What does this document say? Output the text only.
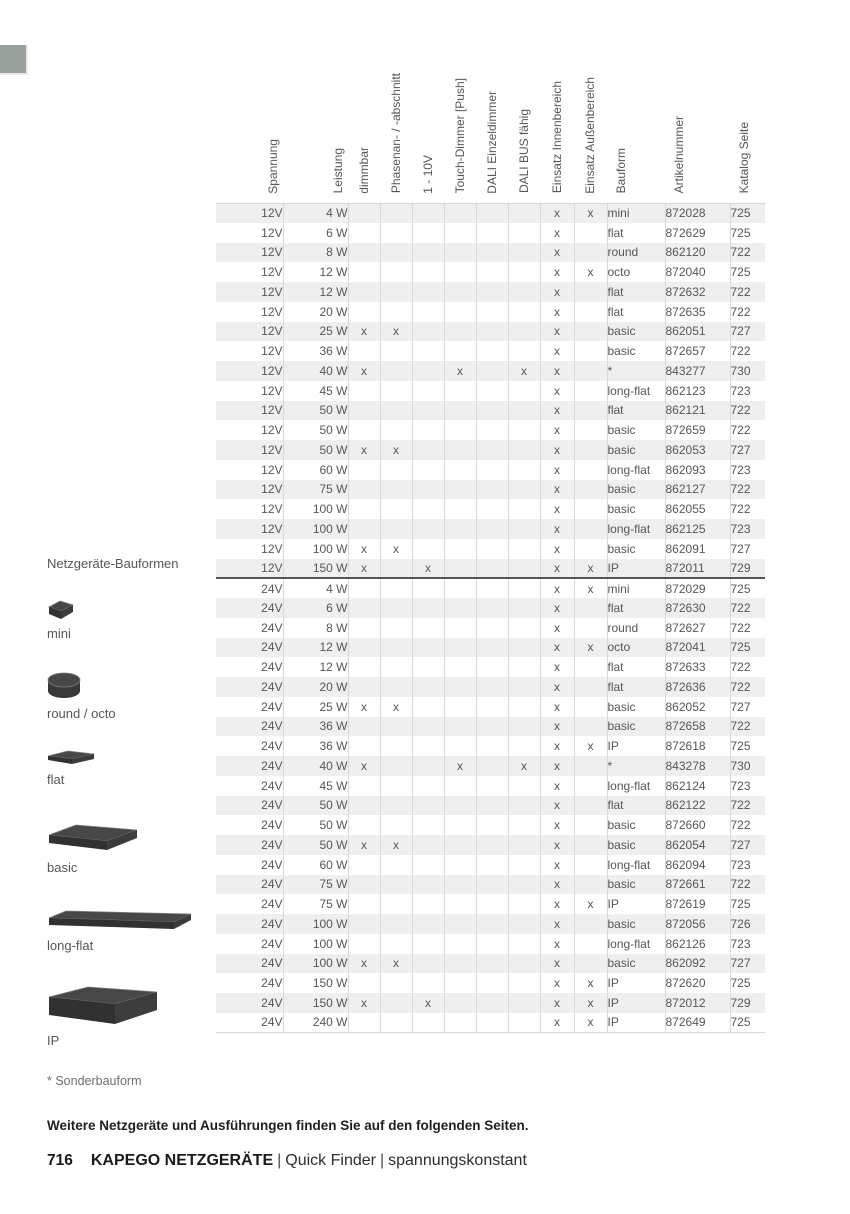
Spannung	Leistung	dimmbar	Phasenan- / -abschnitt	1 - 10V	Touch-Dimmer [Push]	DALI Einzeldimmer	DALI BUS fähig	Einsatz Innenbereich	Einsatz Außenbereich	Bauform	Artikelnummer	Katalog Seite
12V	4 W							x	x	mini	872028	725
12V	6 W							x		flat	872629	725
12V	8 W							x		round	862120	722
12V	12 W							x	x	octo	872040	725
12V	12 W							x		flat	872632	722
12V	20 W							x		flat	872635	722
12V	25 W	x	x					x		basic	862051	727
12V	36 W							x		basic	872657	722
12V	40 W	x			x		x	x		*	843277	730
12V	45 W							x		long-flat	862123	723
12V	50 W							x		flat	862121	722
12V	50 W							x		basic	872659	722
12V	50 W	x	x					x		basic	862053	727
12V	60 W							x		long-flat	862093	723
12V	75 W							x		basic	862127	722
12V	100 W							x		basic	862055	722
12V	100 W							x		long-flat	862125	723
12V	100 W	x	x					x		basic	862091	727
12V	150 W	x		x				x	x	IP	872011	729
24V	4 W							x	x	mini	872029	725
24V	6 W							x		flat	872630	722
24V	8 W							x		round	872627	722
24V	12 W							x	x	octo	872041	725
24V	12 W							x		flat	872633	722
24V	20 W							x		flat	872636	722
24V	25 W	x	x					x		basic	862052	727
24V	36 W							x		basic	872658	722
24V	36 W							x	x	IP	872618	725
24V	40 W	x			x		x	x		*	843278	730
24V	45 W							x		long-flat	862124	723
24V	50 W							x		flat	862122	722
24V	50 W							x		basic	872660	722
24V	50 W	x	x					x		basic	862054	727
24V	60 W							x		long-flat	862094	723
24V	75 W							x		basic	872661	722
24V	75 W							x	x	IP	872619	725
24V	100 W							x		basic	872056	726
24V	100 W							x		long-flat	862126	723
24V	100 W	x	x					x		basic	862092	727
24V	150 W							x	x	IP	872620	725
24V	150 W	x		x				x	x	IP	872012	729
24V	240 W							x	x	IP	872649	725
Netzgeräte-Bauformen
mini
round / octo
flat
basic
long-flat
IP
* Sonderbauform
Weitere Netzgeräte und Ausführungen finden Sie auf den folgenden Seiten.
716 KAPEGO NETZGERÄTE | Quick Finder | spannungskonstant
